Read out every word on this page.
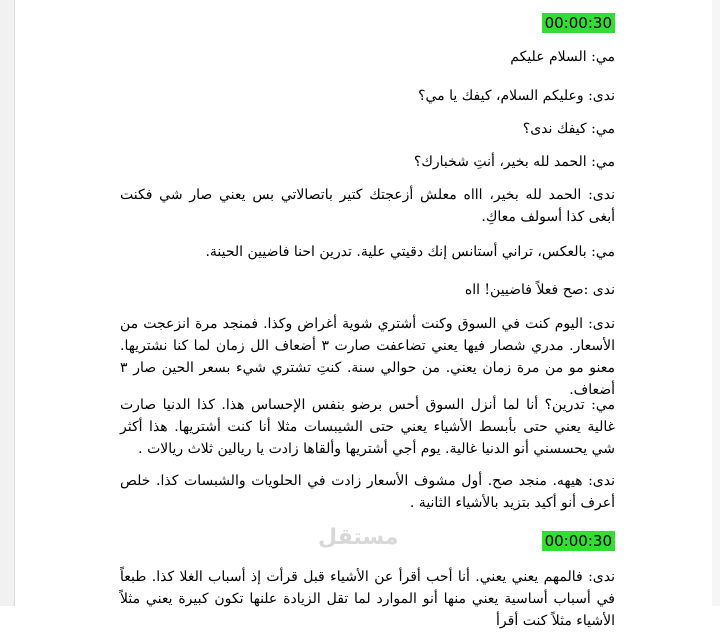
00:00:30
مي: السلام عليكم
ندى: وعليكم السلام، كيفك يا مي؟
مي: كيفك ندى؟
مي: الحمد لله بخير، أنتِ شخبارك؟
ندى: الحمد لله بخير، اااه معلش أزعجتك كتير باتصالاتي بس يعني صار شي فكنت أبغى كذا أسولف معاكِ.
مي: بالعكس، تراني أستانس إنك دقيتي علية. تدرين احنا فاضيين الحينة.
ندى :صح فعلاً فاضيين! ااه
ندى: اليوم كنت في السوق وكنت أشتري شوية أغراض وكذا. فمنجد مرة انزعجت من الأسعار. مدري شصار فيها يعني تضاعفت صارت ٣ أضعاف الل زمان لما كنا نشتريها. معنو مو من مرة زمان يعني. من حوالي سنة. كنتِ تشتري شيء بسعر الحين صار ٣ أضعاف.
مي: تدرين؟ أنا لما أنزل السوق أحس برضو بنفس الإحساس هذا. كذا الدنيا صارت غالية يعني حتى بأبسط الأشياء يعني حتى الشيبسات مثلا أنا كنت أشتريها. هذا أكثر شي يحسسني أنو الدنيا غالية. يوم أجي أشتريها وألقاها زادت يا ريالين ثلاث ريالات .
ندى: هيهه. منجد صح. أول مشوف الأسعار زادت في الحلويات والشبسات كذا. خلص أعرف أنو أكيد بتزيد بالأشياء الثانية .
00:00:30
ندى: فالمهم يعني يعني. أنا أحب أقرأ عن الأشياء قبل قرأت إذ أسباب الغلا كذا. طبعاً في أسباب أساسية يعني منها أنو الموارد لما تقل الزيادة علنها تكون كبيرة يعني مثلاً الأشياء مثلاً كنت أقرأ
مستقل
